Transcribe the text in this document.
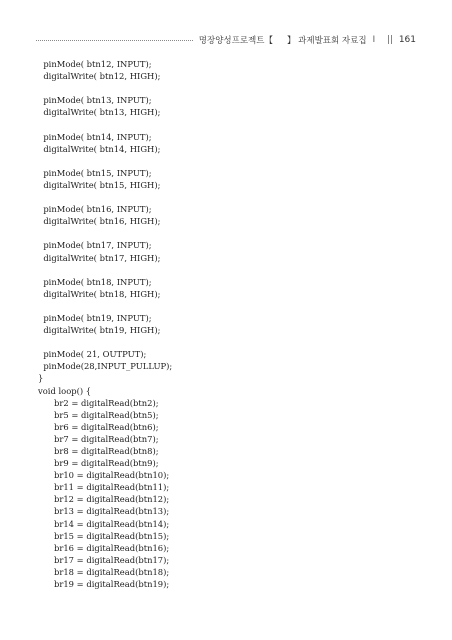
명장양성프로젝트【 】 과제발표회 자료집 I || 161
pinMode( btn12, INPUT);
digitalWrite( btn12, HIGH);
pinMode( btn13, INPUT);
digitalWrite( btn13, HIGH);
pinMode( btn14, INPUT);
digitalWrite( btn14, HIGH);
pinMode( btn15, INPUT);
digitalWrite( btn15, HIGH);
pinMode( btn16, INPUT);
digitalWrite( btn16, HIGH);
pinMode( btn17, INPUT);
digitalWrite( btn17, HIGH);
pinMode( btn18, INPUT);
digitalWrite( btn18, HIGH);
pinMode( btn19, INPUT);
digitalWrite( btn19, HIGH);
pinMode( 21, OUTPUT);
pinMode(28,INPUT_PULLUP);
}
void loop() {
br2 = digitalRead(btn2);
br5 = digitalRead(btn5);
br6 = digitalRead(btn6);
br7 = digitalRead(btn7);
br8 = digitalRead(btn8);
br9 = digitalRead(btn9);
br10 = digitalRead(btn10);
br11 = digitalRead(btn11);
br12 = digitalRead(btn12);
br13 = digitalRead(btn13);
br14 = digitalRead(btn14);
br15 = digitalRead(btn15);
br16 = digitalRead(btn16);
br17 = digitalRead(btn17);
br18 = digitalRead(btn18);
br19 = digitalRead(btn19);
